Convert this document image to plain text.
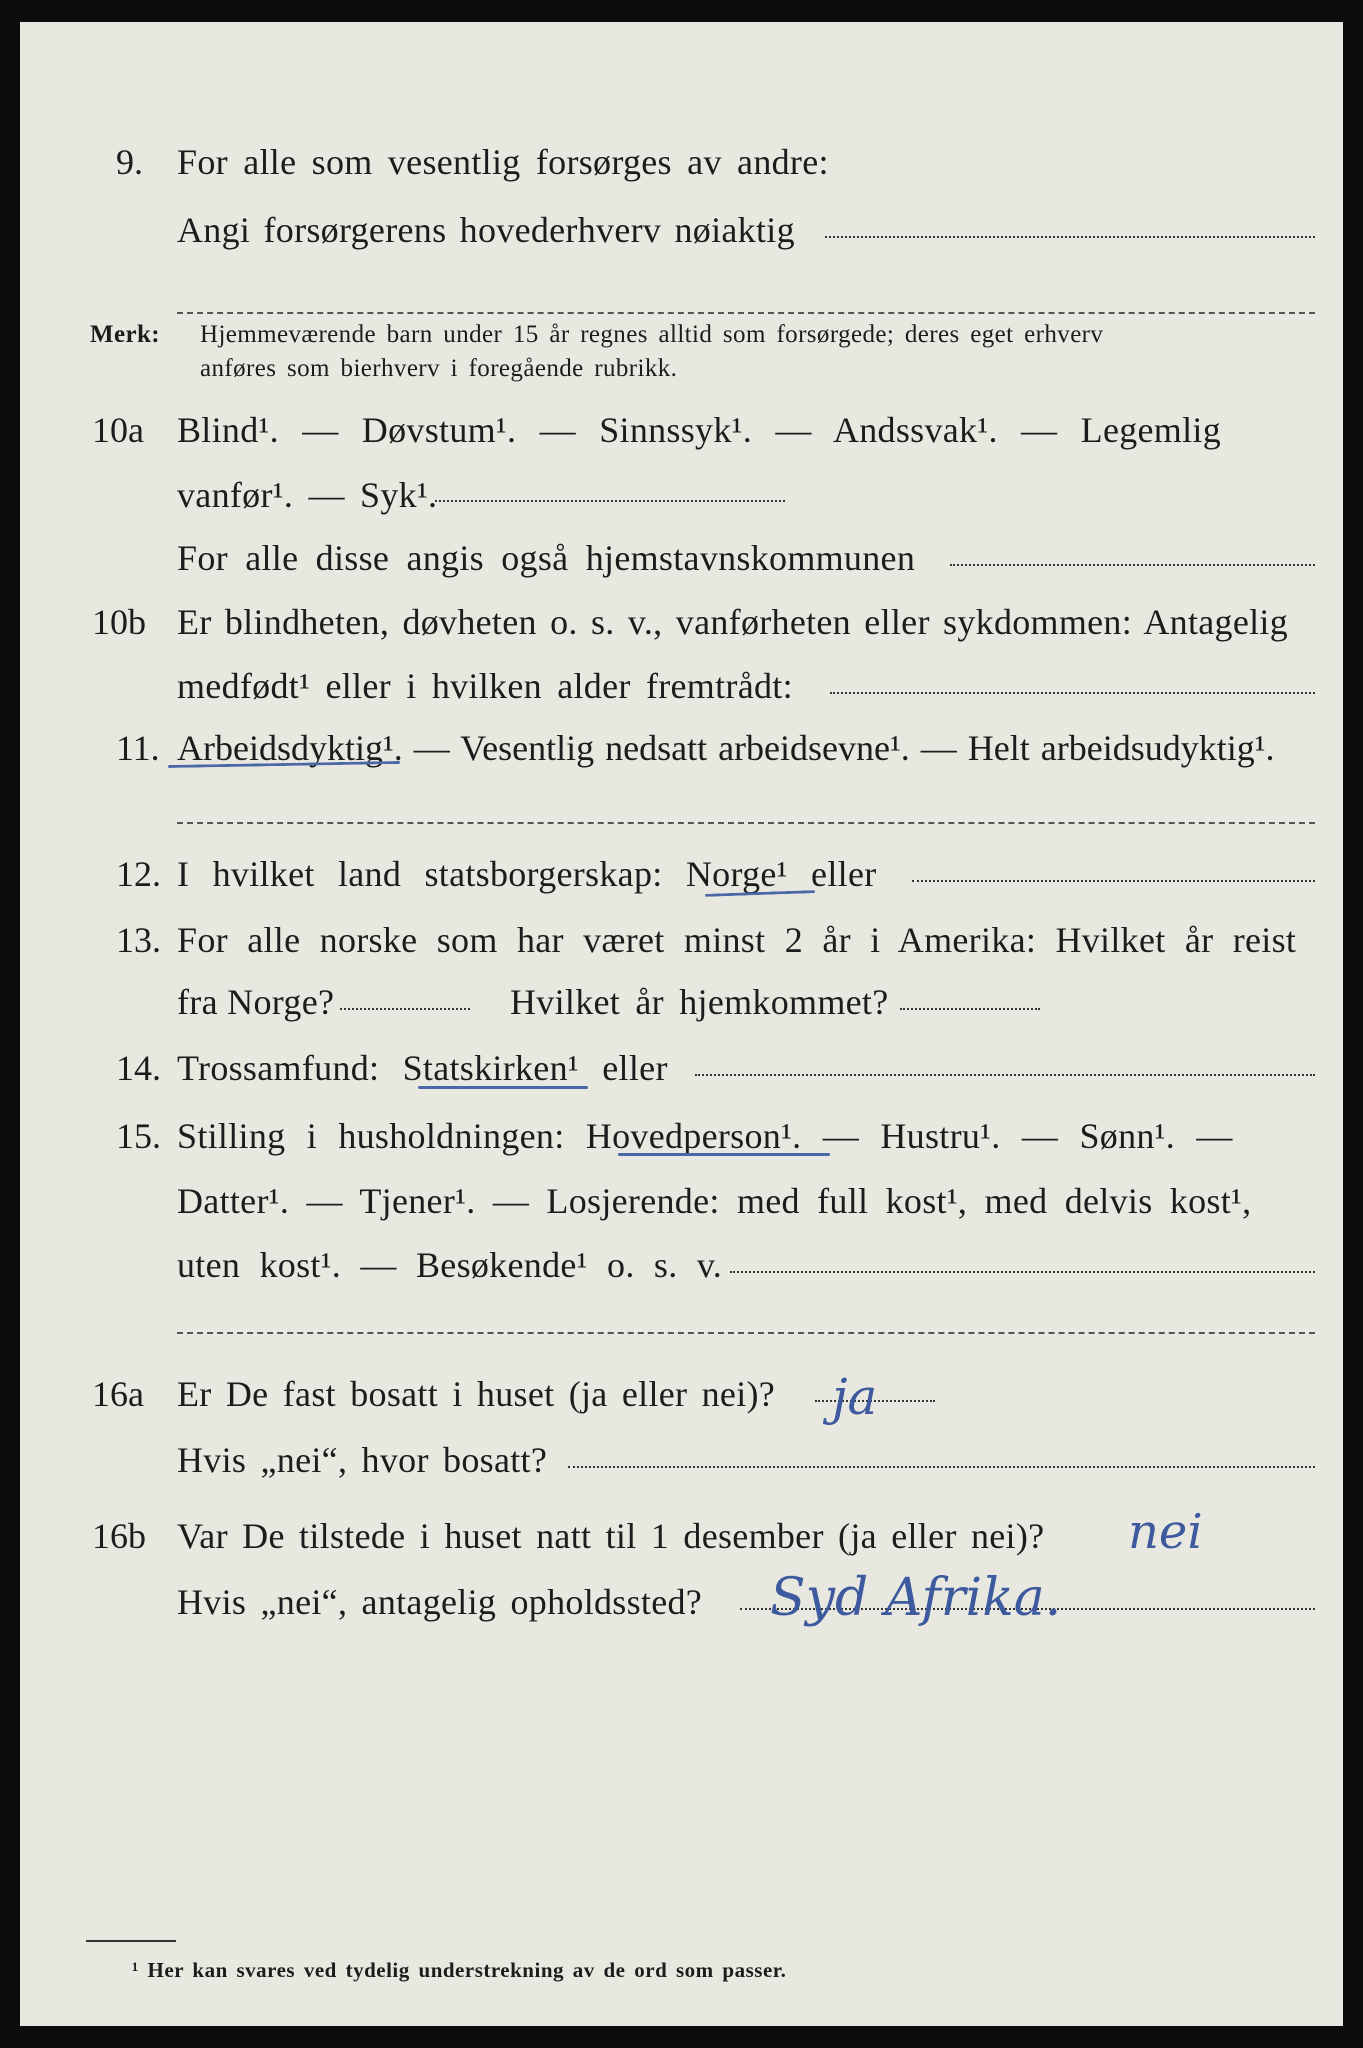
9. For alle som vesentlig forsørges av andre:
Angi forsørgerens hovederhverv nøiaktig
Merk: Hjemmeværende barn under 15 år regnes alltid som forsørgede; deres eget erhverv
anføres som bierhverv i foregående rubrikk.
10a Blind¹. — Døvstum¹. — Sinnssyk¹. — Andssvak¹. — Legemlig
vanfør¹. — Syk¹.
For alle disse angis også hjemstavnskommunen
10b Er blindheten, døvheten o. s. v., vanførheten eller sykdommen: Antagelig
medfødt¹ eller i hvilken alder fremtrådt:
11. Arbeidsdyktig¹. — Vesentlig nedsatt arbeidsevne¹. — Helt arbeidsudyktig¹.
12. I hvilket land statsborgerskap: Norge¹ eller
13. For alle norske som har været minst 2 år i Amerika: Hvilket år reist
fra Norge?	Hvilket år hjemkommet?
14. Trossamfund: Statskirken¹ eller
15. Stilling i husholdningen: Hovedperson¹. — Hustru¹. — Sønn¹. —
Datter¹. — Tjener¹. — Losjerende: med full kost¹, med delvis kost¹,
uten kost¹. — Besøkende¹ o. s. v.
16a Er De fast bosatt i huset (ja eller nei)? ja
Hvis „nei“, hvor bosatt?
16b Var De tilstede i huset natt til 1 desember (ja eller nei)? nei
Hvis „nei“, antagelig opholdssted? Syd Afrika.
¹ Her kan svares ved tydelig understrekning av de ord som passer.
